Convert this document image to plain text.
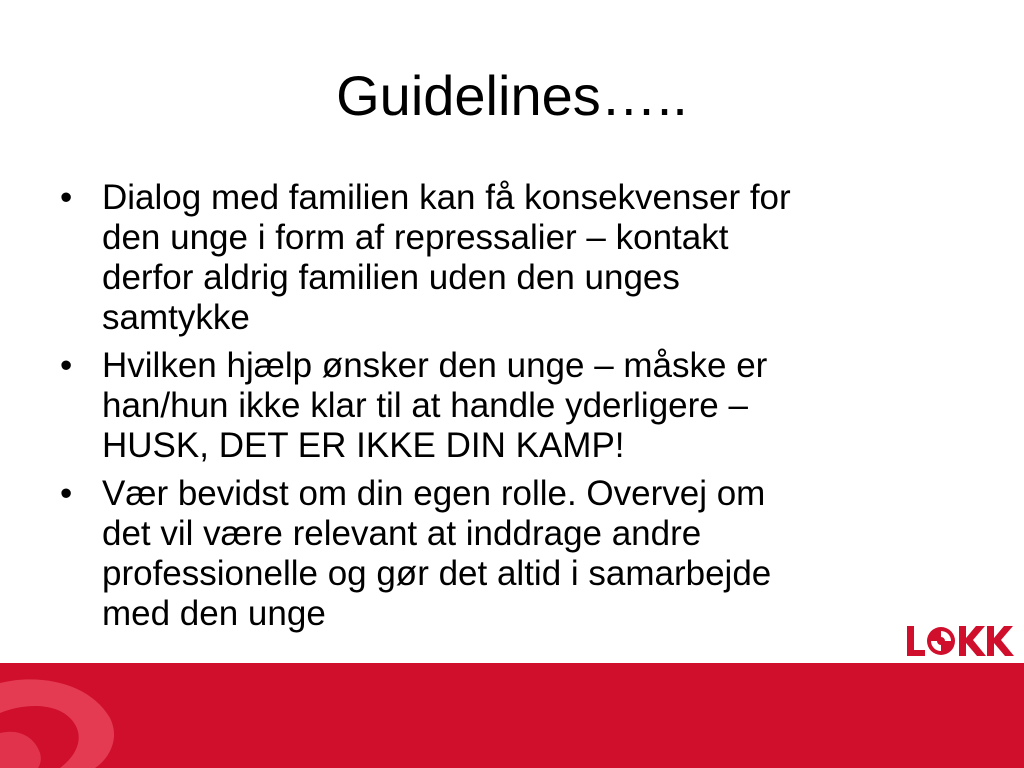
Guidelines…..
• Dialog med familien kan få konsekvenser for
den unge i form af repressalier – kontakt
derfor aldrig familien uden den unges
samtykke
• Hvilken hjælp ønsker den unge – måske er
han/hun ikke klar til at handle yderligere –
HUSK, DET ER IKKE DIN KAMP!
• Vær bevidst om din egen rolle. Overvej om
det vil være relevant at inddrage andre
professionelle og gør det altid i samarbejde
med den unge
